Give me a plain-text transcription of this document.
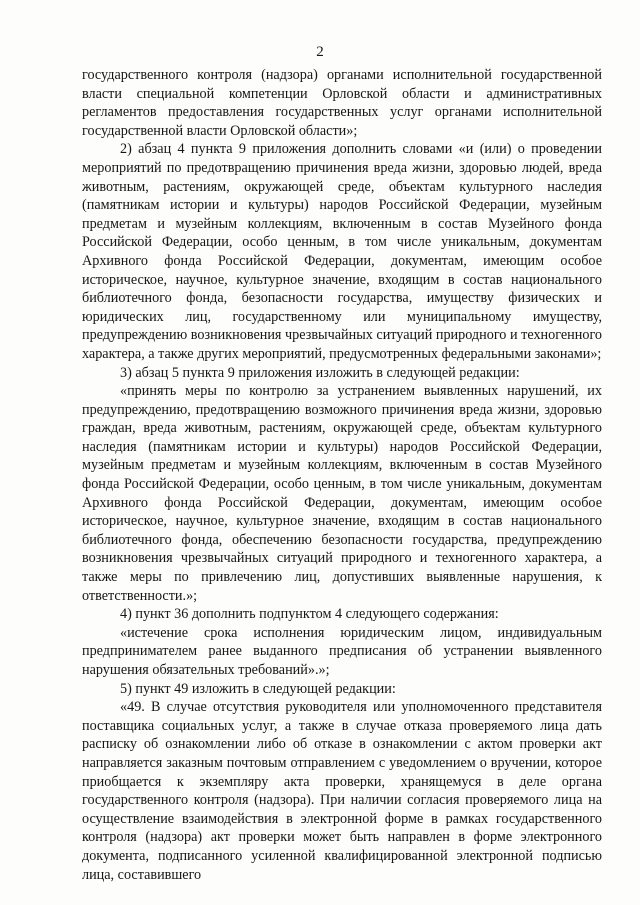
2

государственного контроля (надзора) органами исполнительной государственной власти специальной компетенции Орловской области и административных регламентов предоставления государственных услуг органами исполнительной государственной власти Орловской области»;

2) абзац 4 пункта 9 приложения дополнить словами «и (или) о проведении мероприятий по предотвращению причинения вреда жизни, здоровью людей, вреда животным, растениям, окружающей среде, объектам культурного наследия (памятникам истории и культуры) народов Российской Федерации, музейным предметам и музейным коллекциям, включенным в состав Музейного фонда Российской Федерации, особо ценным, в том числе уникальным, документам Архивного фонда Российской Федерации, документам, имеющим особое историческое, научное, культурное значение, входящим в состав национального библиотечного фонда, безопасности государства, имуществу физических и юридических лиц, государственному или муниципальному имуществу, предупреждению возникновения чрезвычайных ситуаций природного и техногенного характера, а также других мероприятий, предусмотренных федеральными законами»;

3) абзац 5 пункта 9 приложения изложить в следующей редакции:

«принять меры по контролю за устранением выявленных нарушений, их предупреждению, предотвращению возможного причинения вреда жизни, здоровью граждан, вреда животным, растениям, окружающей среде, объектам культурного наследия (памятникам истории и культуры) народов Российской Федерации, музейным предметам и музейным коллекциям, включенным в состав Музейного фонда Российской Федерации, особо ценным, в том числе уникальным, документам Архивного фонда Российской Федерации, документам, имеющим особое историческое, научное, культурное значение, входящим в состав национального библиотечного фонда, обеспечению безопасности государства, предупреждению возникновения чрезвычайных ситуаций природного и техногенного характера, а также меры по привлечению лиц, допустивших выявленные нарушения, к ответственности.»;

4) пункт 36 дополнить подпунктом 4 следующего содержания:

«истечение срока исполнения юридическим лицом, индивидуальным предпринимателем ранее выданного предписания об устранении выявленного нарушения обязательных требований».»;

5) пункт 49 изложить в следующей редакции:

«49. В случае отсутствия руководителя или уполномоченного представителя поставщика социальных услуг, а также в случае отказа проверяемого лица дать расписку об ознакомлении либо об отказе в ознакомлении с актом проверки акт направляется заказным почтовым отправлением с уведомлением о вручении, которое приобщается к экземпляру акта проверки, хранящемуся в деле органа государственного контроля (надзора). При наличии согласия проверяемого лица на осуществление взаимодействия в электронной форме в рамках государственного контроля (надзора) акт проверки может быть направлен в форме электронного документа, подписанного усиленной квалифицированной электронной подписью лица, составившего
